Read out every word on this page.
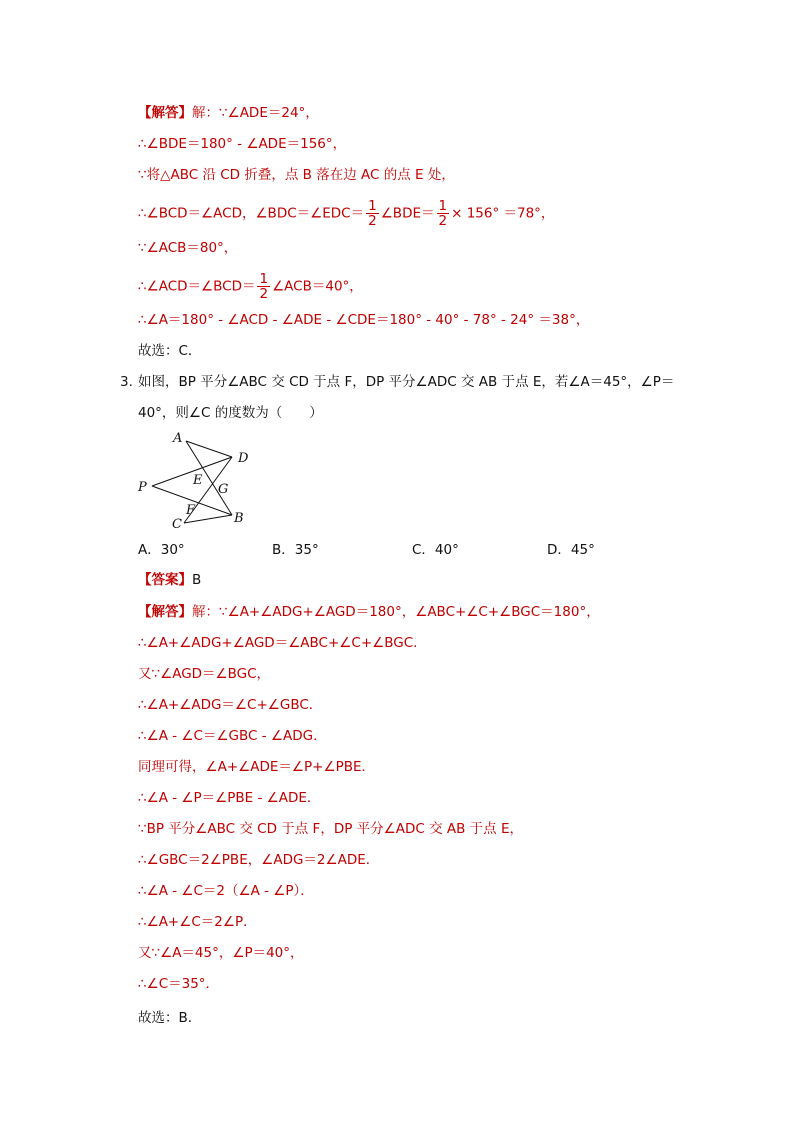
【解答】解：∵∠ADE＝24°，
∴∠BDE＝180° - ∠ADE＝156°，
∵将△ABC 沿 CD 折叠，点 B 落在边 AC 的点 E 处，
∴∠BCD＝∠ACD，∠BDC＝∠EDC＝ $\frac{1}{2}$ ∠BDE＝ $\frac{1}{2} \times 156^\circ =78^\circ$，
∵∠ACB＝80°，
∴∠ACD＝∠BCD＝ $\frac{1}{2}$ ∠ACB＝40°，
∴∠A＝180° - ∠ACD - ∠ADE - ∠CDE＝180° - 40° - 78° - 24° ＝38°，
故选：C．
3. 如图，BP 平分∠ABC 交 CD 于点 F，DP 平分∠ADC 交 AB 于点 E，若∠A＝45°，∠P＝
40°，则∠C 的度数为（　　）
A
D
P	E
G
F
C	B
A．30°	B．35°	C．40°	D．45°
【答案】B
【解答】解：∵∠A+∠ADG+∠AGD＝180°，∠ABC+∠C+∠BGC＝180°，
∴∠A+∠ADG+∠AGD＝∠ABC+∠C+∠BGC．
又∵∠AGD＝∠BGC，
∴∠A+∠ADG＝∠C+∠GBC．
∴∠A - ∠C＝∠GBC - ∠ADG．
同理可得，∠A+∠ADE＝∠P+∠PBE．
∴∠A - ∠P＝∠PBE - ∠ADE．
∵BP 平分∠ABC 交 CD 于点 F，DP 平分∠ADC 交 AB 于点 E，
∴∠GBC＝2∠PBE，∠ADG＝2∠ADE．
∴∠A - ∠C＝2（∠A - ∠P）．
∴∠A+∠C＝2∠P．
又∵∠A＝45°，∠P＝40°，
∴∠C＝35°．
故选：B．
